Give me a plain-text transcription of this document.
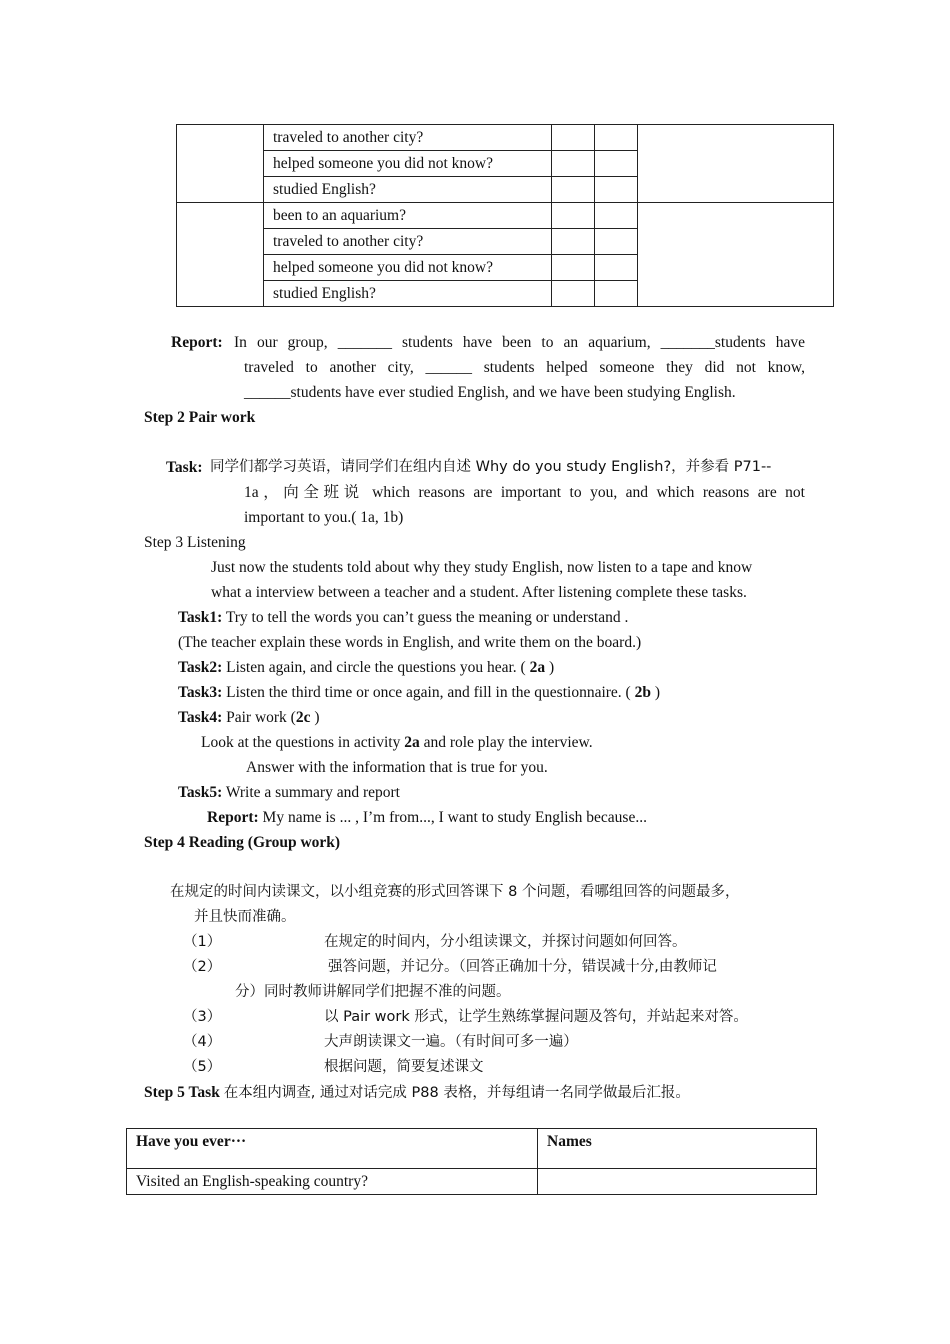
	traveled to another city?			
	helped someone you did not know?			
	studied English?			
	been to an aquarium?			
	traveled to another city?			
	helped someone you did not know?			
	studied English?			
Report: In our group, _______ students have been to an aquarium, _______students have
traveled to another city, ______ students helped someone they did not know,
______students have ever studied English, and we have been studying English.
Step 2 Pair work
Task: 同学们都学习英语，请同学们在组内自述 Why do you study English?，并参看 P71--
1a，向全班说 which reasons are important to you, and which reasons are not
important to you.( 1a, 1b)
Step 3 Listening
Just now the students told about why they study English, now listen to a tape and know
what a interview between a teacher and a student. After listening complete these tasks.
Task1: Try to tell the words you can’t guess the meaning or understand .
(The teacher explain these words in English, and write them on the board.)
Task2: Listen again, and circle the questions you hear. ( 2a )
Task3: Listen the third time or once again, and fill in the questionnaire. ( 2b )
Task4: Pair work (2c )
Look at the questions in activity 2a and role play the interview.
Answer with the information that is true for you.
Task5: Write a summary and report
Report: My name is ... , I’m from..., I want to study English because...
Step 4 Reading (Group work)
在规定的时间内读课文，以小组竞赛的形式回答课下 8 个问题，看哪组回答的问题最多，
并且快而准确。
（1）	在规定的时间内，分小组读课文，并探讨问题如何回答。
（2）	强答问题，并记分。（回答正确加十分，错误减十分,由教师记
分）同时教师讲解同学们把握不准的问题。
（3）	以 Pair work 形式，让学生熟练掌握问题及答句，并站起来对答。
（4）	大声朗读课文一遍。（有时间可多一遍）
（5）	根据问题，简要复述课文
Step 5 Task 在本组内调查, 通过对话完成 P88 表格，并每组请一名同学做最后汇报。
Have you ever···	Names
Visited an English-speaking country?	
